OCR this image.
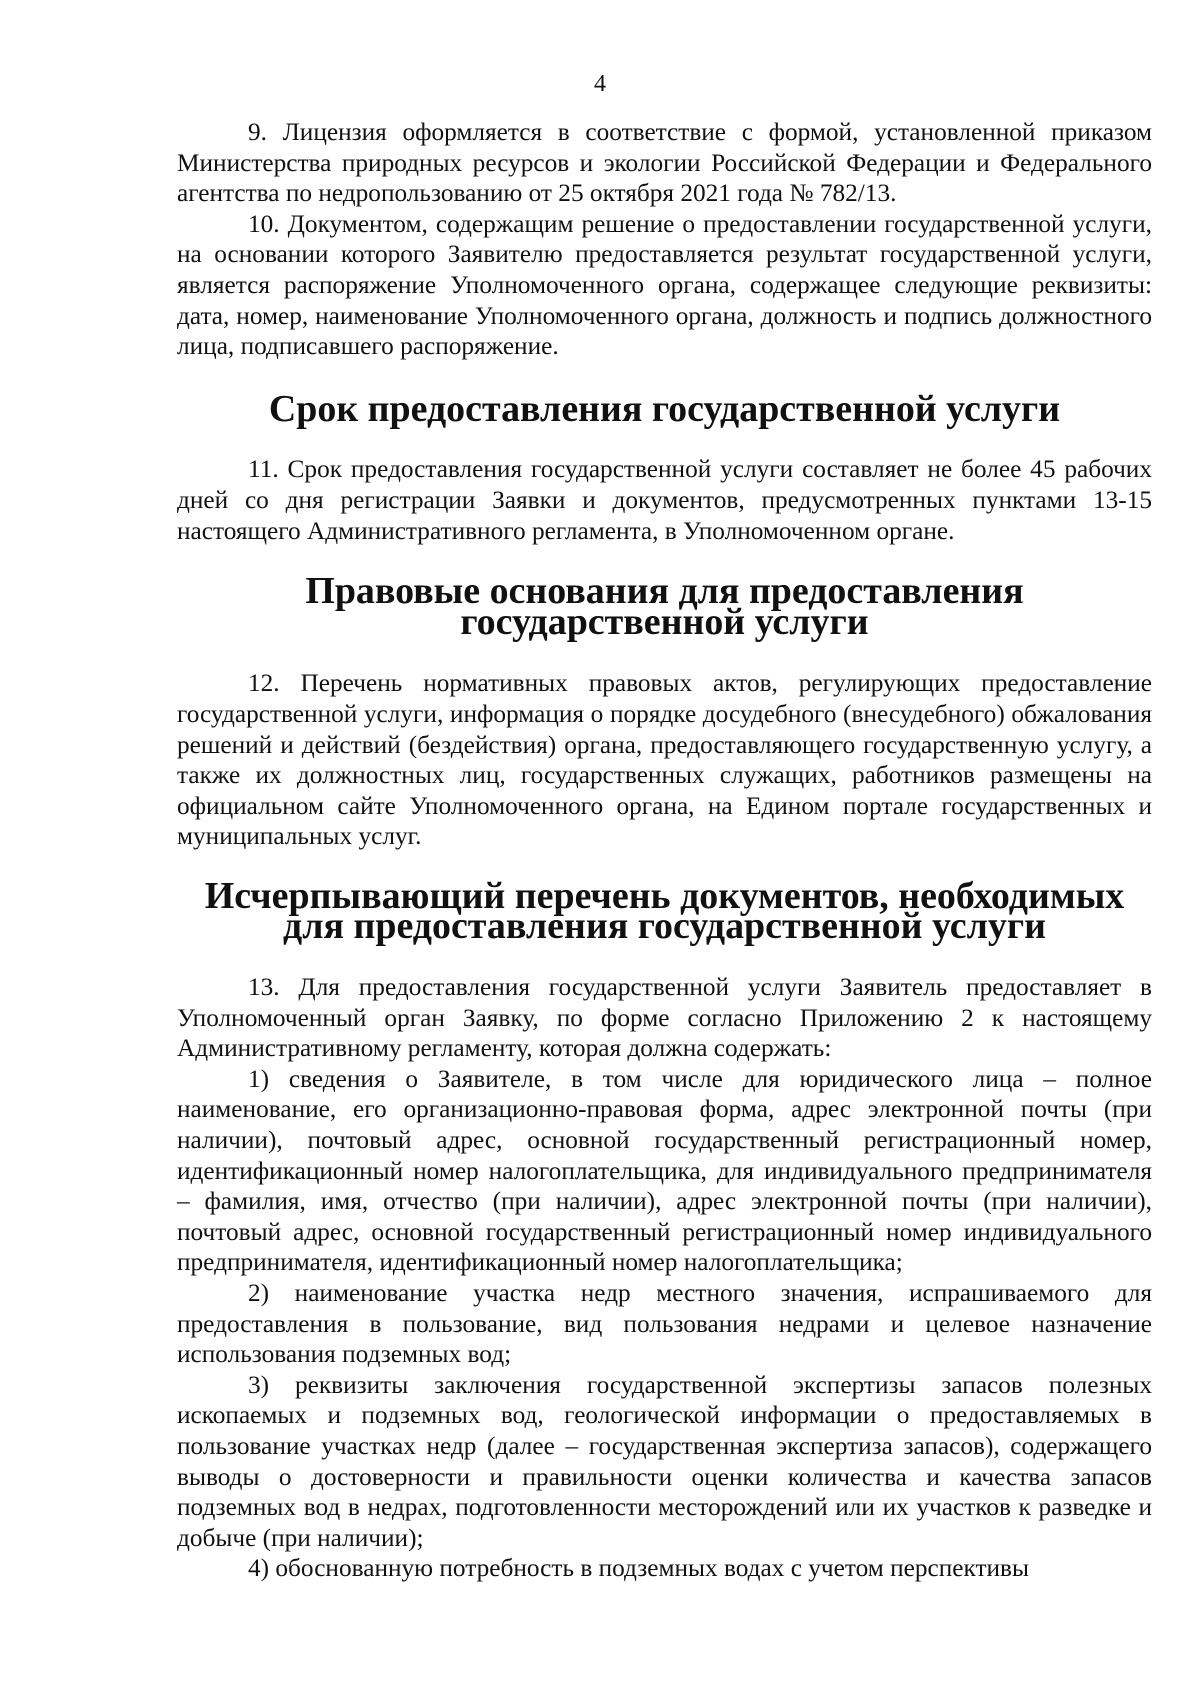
4

9. Лицензия оформляется в соответствие с формой, установленной приказом Министерства природных ресурсов и экологии Российской Федерации и Федерального агентства по недропользованию от 25 октября 2021 года № 782/13.

10. Документом, содержащим решение о предоставлении государственной услуги, на основании которого Заявителю предоставляется результат государственной услуги, является распоряжение Уполномоченного органа, содержащее следующие реквизиты: дата, номер, наименование Уполномоченного органа, должность и подпись должностного лица, подписавшего распоряжение.

Срок предоставления государственной услуги

11. Срок предоставления государственной услуги составляет не более 45 рабочих дней со дня регистрации Заявки и документов, предусмотренных пунктами 13-15 настоящего Административного регламента, в Уполномоченном органе.

Правовые основания для предоставления государственной услуги

12. Перечень нормативных правовых актов, регулирующих предоставление государственной услуги, информация о порядке досудебного (внесудебного) обжалования решений и действий (бездействия) органа, предоставляющего государственную услугу, а также их должностных лиц, государственных служащих, работников размещены на официальном сайте Уполномоченного органа, на Едином портале государственных и муниципальных услуг.

Исчерпывающий перечень документов, необходимых
для предоставления государственной услуги

13. Для предоставления государственной услуги Заявитель предоставляет в Уполномоченный орган Заявку, по форме согласно Приложению 2 к настоящему Административному регламенту, которая должна содержать:

1) сведения о Заявителе, в том числе для юридического лица – полное наименование, его организационно-правовая форма, адрес электронной почты (при наличии), почтовый адрес, основной государственный регистрационный номер, идентификационный номер налогоплательщика, для индивидуального предпринимателя – фамилия, имя, отчество (при наличии), адрес электронной почты (при наличии), почтовый адрес, основной государственный регистрационный номер индивидуального предпринимателя, идентификационный номер налогоплательщика;

2) наименование участка недр местного значения, испрашиваемого для предоставления в пользование, вид пользования недрами и целевое назначение использования подземных вод;

3) реквизиты заключения государственной экспертизы запасов полезных ископаемых и подземных вод, геологической информации о предоставляемых в пользование участках недр (далее – государственная экспертиза запасов), содержащего выводы о достоверности и правильности оценки количества и качества запасов подземных вод в недрах, подготовленности месторождений или их участков к разведке и добыче (при наличии);

4) обоснованную потребность в подземных водах с учетом перспективы
